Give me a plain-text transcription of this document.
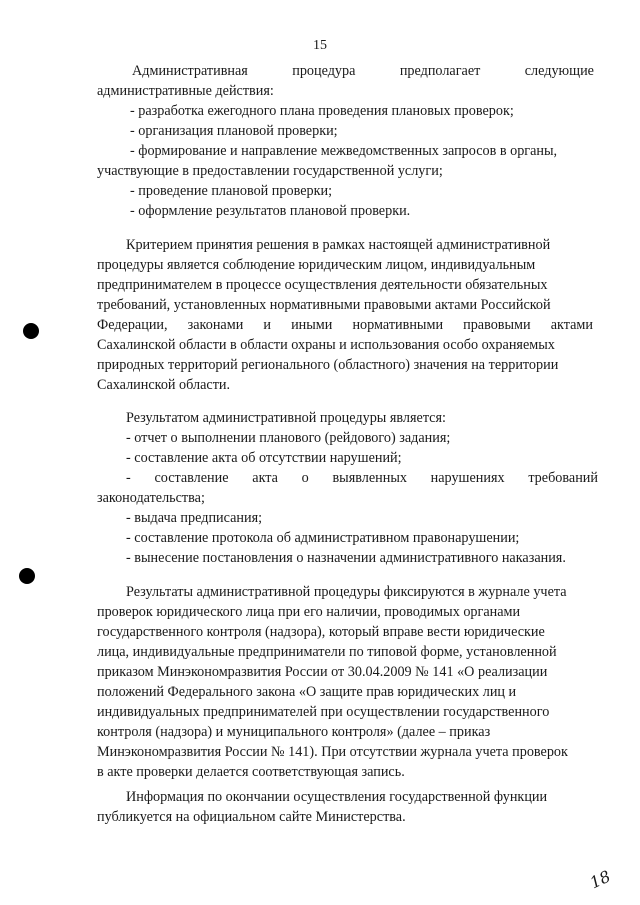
15
Административная	процедура	предполагает	следующие
административные действия:
- разработка ежегодного плана проведения плановых проверок;
- организация плановой проверки;
- формирование и направление межведомственных запросов в органы,
участвующие в предоставлении государственной услуги;
- проведение плановой проверки;
- оформление результатов плановой проверки.
Критерием принятия решения в рамках настоящей административной
процедуры является соблюдение юридическим лицом, индивидуальным
предпринимателем в процессе осуществления деятельности обязательных
требований, установленных нормативными правовыми актами Российской
Федерации, законами и иными нормативными правовыми актами
Сахалинской области в области охраны и использования особо охраняемых
природных территорий регионального (областного) значения на территории
Сахалинской области.
Результатом административной процедуры является:
- отчет о выполнении планового (рейдового) задания;
- составление акта об отсутствии нарушений;
- составление акта о выявленных нарушениях требований
законодательства;
- выдача предписания;
- составление протокола об административном правонарушении;
- вынесение постановления о назначении административного наказания.
Результаты административной процедуры фиксируются в журнале учета
проверок юридического лица при его наличии, проводимых органами
государственного контроля (надзора), который вправе вести юридические
лица, индивидуальные предприниматели по типовой форме, установленной
приказом Минэкономразвития России от 30.04.2009 № 141 «О реализации
положений Федерального закона «О защите прав юридических лиц и
индивидуальных предпринимателей при осуществлении государственного
контроля (надзора) и муниципального контроля» (далее – приказ
Минэкономразвития России № 141). При отсутствии журнала учета проверок
в акте проверки делается соответствующая запись.
Информация по окончании осуществления государственной функции
публикуется на официальном сайте Министерства.
18
